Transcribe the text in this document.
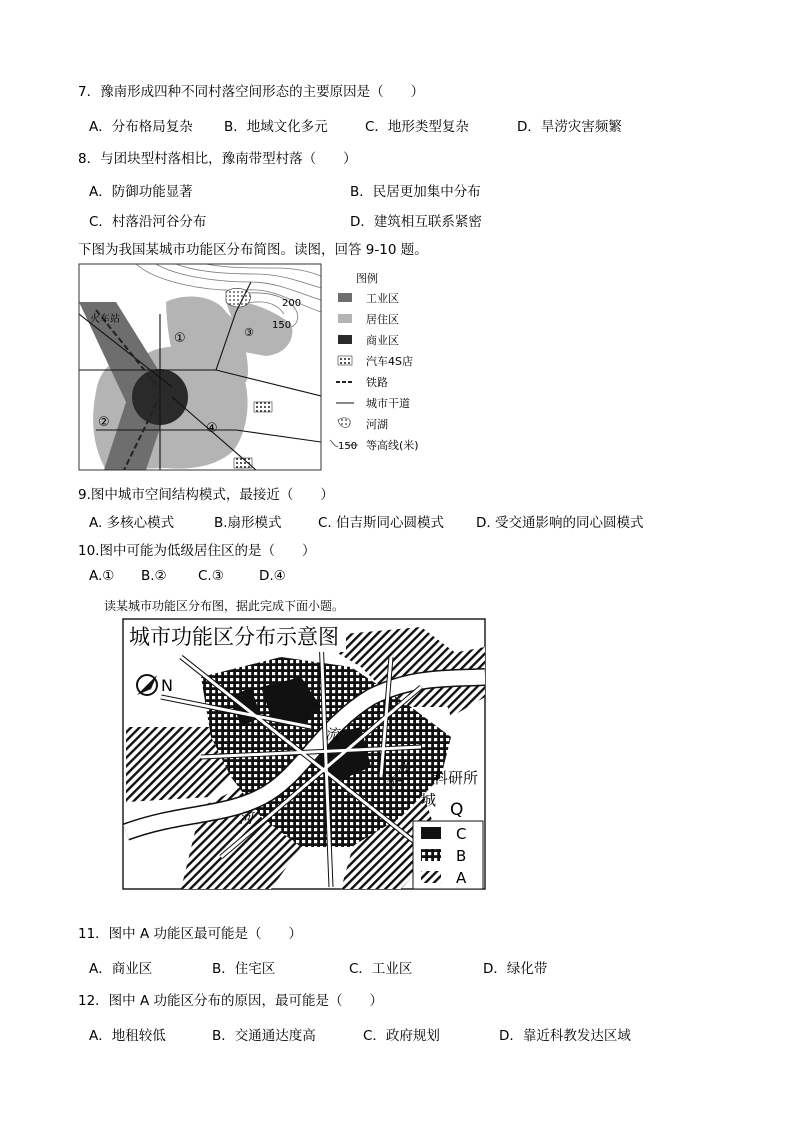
7．豫南形成四种不同村落空间形态的主要原因是（　　）
A．分布格局复杂 B．地域文化多元	C．地形类型复杂	D．旱涝灾害频繁
8．与团块型村落相比，豫南带型村落（　　）
A．防御功能显著	B．民居更加集中分布
C．村落沿河谷分布	D．建筑相互联系紧密
下图为我国某城市功能区分布简图。读图，回答 9-10 题。
火车站
200
150
①
②
③
④
图例
工业区
居住区
商业区
汽车4S店
铁路
城市干道
河湖
150 等高线(米)
9.图中城市空间结构模式，最接近（　　）
A. 多核心模式	B.扇形模式	C. 伯吉斯同心圆模式 D. 受交通影响的同心圆模式
10.图中可能为低级居住区的是（　　）
A.① B.② C.③	D.④
读某城市功能区分布图，据此完成下面小题。
城市功能区分布示意图
N
流
河
大
学
城
科研所
Q
C
B
A
11．图中 A 功能区最可能是（　　）
A．商业区	B．住宅区	C．工业区	D．绿化带
12．图中 A 功能区分布的原因，最可能是（　　）
A．地租较低	B．交通通达度高	C．政府规划	D．靠近科教发达区域
